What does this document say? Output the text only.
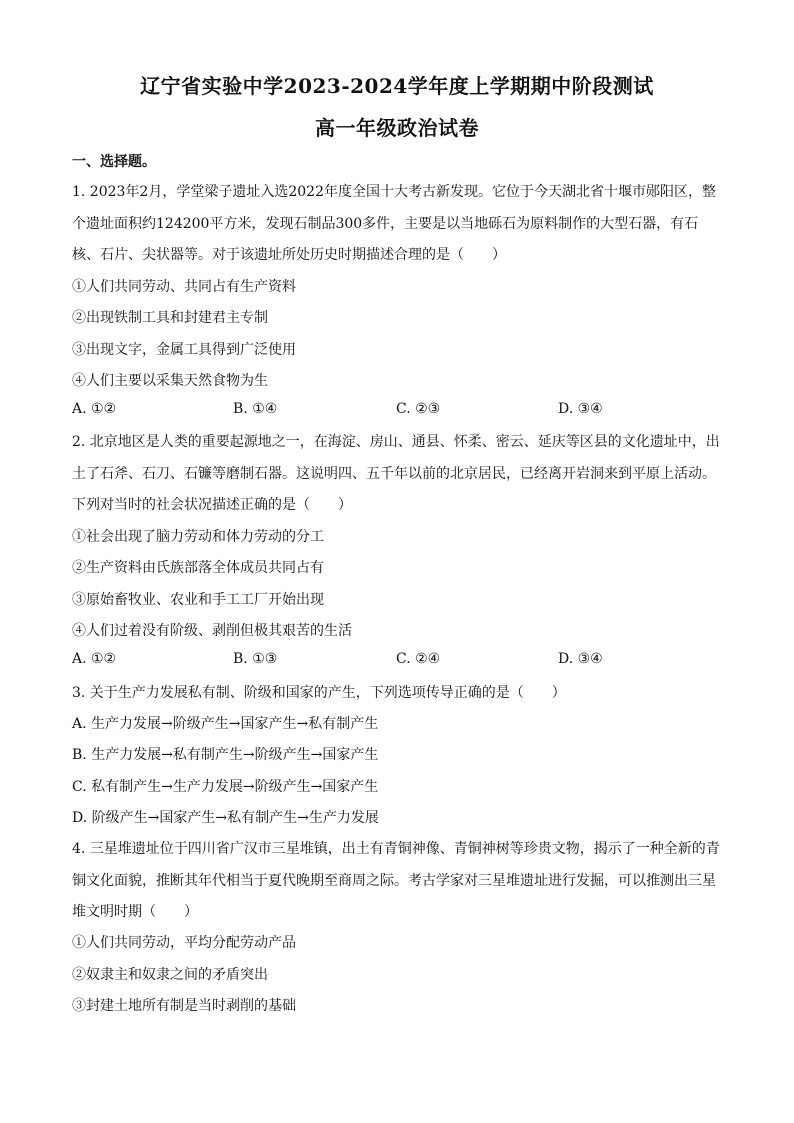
辽宁省实验中学2023-2024学年度上学期期中阶段测试
高一年级政治试卷
一、选择题。
1. 2023年2月，学堂梁子遗址入选2022年度全国十大考古新发现。它位于今天湖北省十堰市郧阳区，整
个遗址面积约124200平方米，发现石制品300多件，主要是以当地砾石为原料制作的大型石器，有石
核、石片、尖状器等。对于该遗址所处历史时期描述合理的是（　　）
①人们共同劳动、共同占有生产资料
②出现铁制工具和封建君主专制
③出现文字，金属工具得到广泛使用
④人们主要以采集天然食物为生
A. ①②	B. ①④	C. ②③	D. ③④
2. 北京地区是人类的重要起源地之一，在海淀、房山、通县、怀柔、密云、延庆等区县的文化遗址中，出
土了石斧、石刀、石镰等磨制石器。这说明四、五千年以前的北京居民，已经离开岩洞来到平原上活动。
下列对当时的社会状况描述正确的是（　　）
①社会出现了脑力劳动和体力劳动的分工
②生产资料由氏族部落全体成员共同占有
③原始畜牧业、农业和手工工厂开始出现
④人们过着没有阶级、剥削但极其艰苦的生活
A. ①②	B. ①③	C. ②④	D. ③④
3. 关于生产力发展私有制、阶级和国家的产生，下列选项传导正确的是（　　）
A. 生产力发展→阶级产生→国家产生→私有制产生
B. 生产力发展→私有制产生→阶级产生→国家产生
C. 私有制产生→生产力发展→阶级产生→国家产生
D. 阶级产生→国家产生→私有制产生→生产力发展
4. 三星堆遗址位于四川省广汉市三星堆镇，出土有青铜神像、青铜神树等珍贵文物，揭示了一种全新的青
铜文化面貌，推断其年代相当于夏代晚期至商周之际。考古学家对三星堆遗址进行发掘，可以推测出三星
堆文明时期（　　）
①人们共同劳动，平均分配劳动产品
②奴隶主和奴隶之间的矛盾突出
③封建土地所有制是当时剥削的基础
